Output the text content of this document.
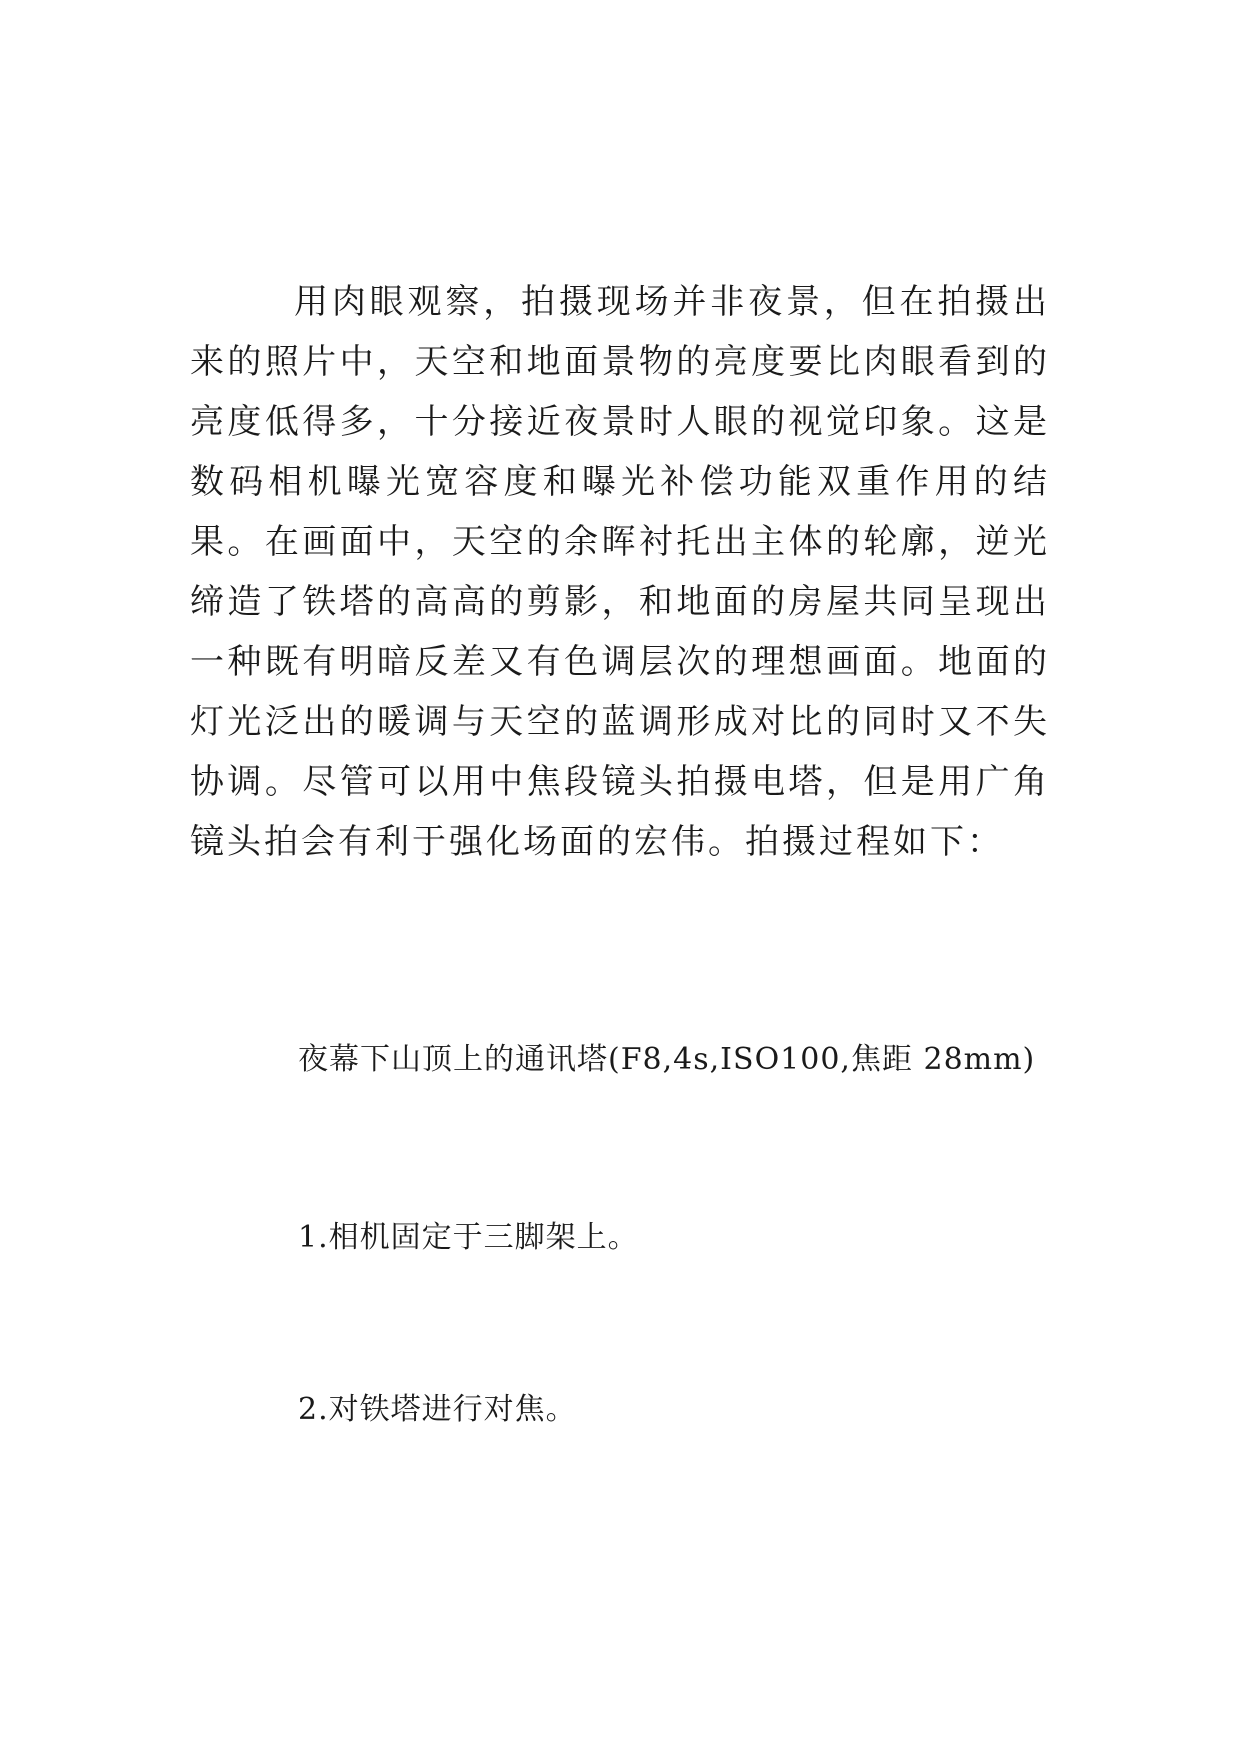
用肉眼观察，拍摄现场并非夜景，但在拍摄出来的照片中，天空和地面景物的亮度要比肉眼看到的亮度低得多，十分接近夜景时人眼的视觉印象。这是数码相机曝光宽容度和曝光补偿功能双重作用的结果。在画面中，天空的余晖衬托出主体的轮廓，逆光缔造了铁塔的高高的剪影，和地面的房屋共同呈现出一种既有明暗反差又有色调层次的理想画面。地面的灯光泛出的暖调与天空的蓝调形成对比的同时又不失协调。尽管可以用中焦段镜头拍摄电塔，但是用广角镜头拍会有利于强化场面的宏伟。拍摄过程如下：

夜幕下山顶上的通讯塔(F8,4s,ISO100,焦距 28mm)

1.相机固定于三脚架上。

2.对铁塔进行对焦。
